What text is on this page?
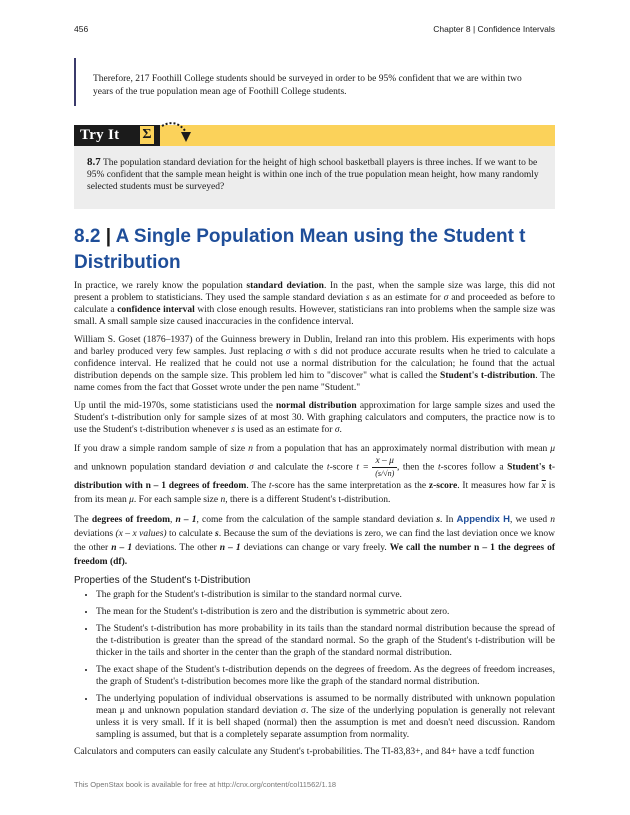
456	Chapter 8 | Confidence Intervals

Therefore, 217 Foothill College students should be surveyed in order to be 95% confident that we are within two years of the true population mean age of Foothill College students.

Try It	Σ

8.7 The population standard deviation for the height of high school basketball players is three inches. If we want to be 95% confident that the sample mean height is within one inch of the true population mean height, how many randomly selected students must be surveyed?

8.2 | A Single Population Mean using the Student t Distribution

In practice, we rarely know the population standard deviation. In the past, when the sample size was large, this did not present a problem to statisticians. They used the sample standard deviation s as an estimate for σ and proceeded as before to calculate a confidence interval with close enough results. However, statisticians ran into problems when the sample size was small. A small sample size caused inaccuracies in the confidence interval.

William S. Goset (1876–1937) of the Guinness brewery in Dublin, Ireland ran into this problem. His experiments with hops and barley produced very few samples. Just replacing σ with s did not produce accurate results when he tried to calculate a confidence interval. He realized that he could not use a normal distribution for the calculation; he found that the actual distribution depends on the sample size. This problem led him to "discover" what is called the Student's t-distribution. The name comes from the fact that Gosset wrote under the pen name "Student."

Up until the mid-1970s, some statisticians used the normal distribution approximation for large sample sizes and used the Student's t-distribution only for sample sizes of at most 30. With graphing calculators and computers, the practice now is to use the Student's t-distribution whenever s is used as an estimate for σ.

If you draw a simple random sample of size n from a population that has an approximately normal distribution with mean μ and unknown population standard deviation σ and calculate the t-score $t = \frac{x - \mu}{(s/√n)}$ , then the t-scores follow a Student's t-distribution with n – 1 degrees of freedom. The t-score has the same interpretation as the z-score. It measures how far $\overline{x}$ is from its mean μ. For each sample size n, there is a different Student's t-distribution.

The degrees of freedom, n – 1, come from the calculation of the sample standard deviation s. In Appendix H, we used n deviations (x – x values) to calculate s. Because the sum of the deviations is zero, we can find the last deviation once we know the other n – 1 deviations. The other n – 1 deviations can change or vary freely. We call the number n – 1 the degrees of freedom (df).

Properties of the Student's t-Distribution
• The graph for the Student's t-distribution is similar to the standard normal curve.
• The mean for the Student's t-distribution is zero and the distribution is symmetric about zero.
• The Student's t-distribution has more probability in its tails than the standard normal distribution because the spread of the t-distribution is greater than the spread of the standard normal. So the graph of the Student's t-distribution will be thicker in the tails and shorter in the center than the graph of the standard normal distribution.
• The exact shape of the Student's t-distribution depends on the degrees of freedom. As the degrees of freedom increases, the graph of Student's t-distribution becomes more like the graph of the standard normal distribution.
• The underlying population of individual observations is assumed to be normally distributed with unknown population mean μ and unknown population standard deviation σ. The size of the underlying population is generally not relevant unless it is very small. If it is bell shaped (normal) then the assumption is met and doesn't need discussion. Random sampling is assumed, but that is a completely separate assumption from normality.

Calculators and computers can easily calculate any Student's t-probabilities. The TI-83,83+, and 84+ have a tcdf function

This OpenStax book is available for free at http://cnx.org/content/col11562/1.18
